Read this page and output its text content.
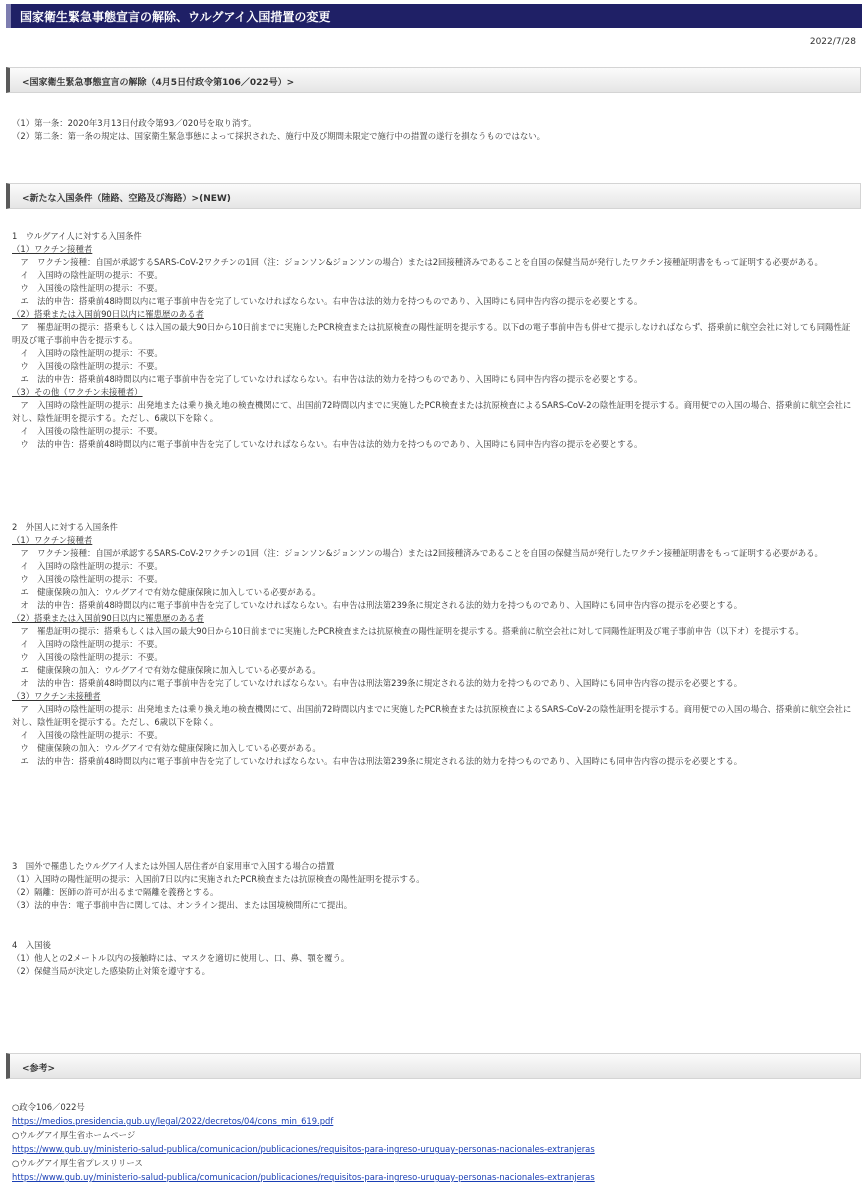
国家衛生緊急事態宣言の解除、ウルグアイ入国措置の変更
2022/7/28
<国家衛生緊急事態宣言の解除（4月5日付政令第106／022号）>
（1）第一条：2020年3月13日付政令第93／020号を取り消す。
（2）第二条：第一条の規定は、国家衛生緊急事態によって採択された、施行中及び期間未限定で施行中の措置の遂行を損なうものではない。
<新たな入国条件（陸路、空路及び海路）>(NEW)
1　ウルグアイ人に対する入国条件
（1）ワクチン接種者
　ア　ワクチン接種：自国が承認するSARS-CoV-2ワクチンの1回（注：ジョンソン&ジョンソンの場合）または2回接種済みであることを自国の保健当局が発行したワクチン接種証明書をもって証明する必要がある。
　イ　入国時の陰性証明の提示：不要。
　ウ　入国後の陰性証明の提示：不要。
　エ　法的申告：搭乗前48時間以内に電子事前申告を完了していなければならない。右申告は法的効力を持つものであり、入国時にも同申告内容の提示を必要とする。
（2）搭乗または入国前90日以内に罹患歴のある者
　ア　罹患証明の提示：搭乗もしくは入国の最大90日から10日前までに実施したPCR検査または抗原検査の陽性証明を提示する。以下dの電子事前申告も併せて提示しなければならず、搭乗前に航空会社に対しても同陽性証明及び電子事前申告を提示する。
　イ　入国時の陰性証明の提示：不要。
　ウ　入国後の陰性証明の提示：不要。
　エ　法的申告：搭乗前48時間以内に電子事前申告を完了していなければならない。右申告は法的効力を持つものであり、入国時にも同申告内容の提示を必要とする。
（3）その他（ワクチン未接種者）
　ア　入国時の陰性証明の提示：出発地または乗り換え地の検査機関にて、出国前72時間以内までに実施したPCR検査または抗原検査によるSARS-CoV-2の陰性証明を提示する。商用便での入国の場合、搭乗前に航空会社に対し、陰性証明を提示する。ただし、6歳以下を除く。
　イ　入国後の陰性証明の提示：不要。
　ウ　法的申告：搭乗前48時間以内に電子事前申告を完了していなければならない。右申告は法的効力を持つものであり、入国時にも同申告内容の提示を必要とする。
2　外国人に対する入国条件
（1）ワクチン接種者
　ア　ワクチン接種：自国が承認するSARS-CoV-2ワクチンの1回（注：ジョンソン&ジョンソンの場合）または2回接種済みであることを自国の保健当局が発行したワクチン接種証明書をもって証明する必要がある。
　イ　入国時の陰性証明の提示：不要。
　ウ　入国後の陰性証明の提示：不要。
　エ　健康保険の加入：ウルグアイで有効な健康保険に加入している必要がある。
　オ　法的申告：搭乗前48時間以内に電子事前申告を完了していなければならない。右申告は刑法第239条に規定される法的効力を持つものであり、入国時にも同申告内容の提示を必要とする。
（2）搭乗または入国前90日以内に罹患歴のある者
　ア　罹患証明の提示：搭乗もしくは入国の最大90日から10日前までに実施したPCR検査または抗原検査の陽性証明を提示する。搭乗前に航空会社に対して同陽性証明及び電子事前申告（以下オ）を提示する。
　イ　入国時の陰性証明の提示：不要。
　ウ　入国後の陰性証明の提示：不要。
　エ　健康保険の加入：ウルグアイで有効な健康保険に加入している必要がある。
　オ　法的申告：搭乗前48時間以内に電子事前申告を完了していなければならない。右申告は刑法第239条に規定される法的効力を持つものであり、入国時にも同申告内容の提示を必要とする。
（3）ワクチン未接種者
　ア　入国時の陰性証明の提示：出発地または乗り換え地の検査機関にて、出国前72時間以内までに実施したPCR検査または抗原検査によるSARS-CoV-2の陰性証明を提示する。商用便での入国の場合、搭乗前に航空会社に対し、陰性証明を提示する。ただし、6歳以下を除く。
　イ　入国後の陰性証明の提示：不要。
　ウ　健康保険の加入：ウルグアイで有効な健康保険に加入している必要がある。
　エ　法的申告：搭乗前48時間以内に電子事前申告を完了していなければならない。右申告は刑法第239条に規定される法的効力を持つものであり、入国時にも同申告内容の提示を必要とする。
3　国外で罹患したウルグアイ人または外国人居住者が自家用車で入国する場合の措置
（1）入国時の陽性証明の提示：入国前7日以内に実施されたPCR検査または抗原検査の陽性証明を提示する。
（2）隔離：医師の許可が出るまで隔離を義務とする。
（3）法的申告：電子事前申告に関しては、オンライン提出、または国境検問所にて提出。
4　入国後
（1）他人との2メートル以内の接触時には、マスクを適切に使用し、口、鼻、顎を覆う。
（2）保健当局が決定した感染防止対策を遵守する。
<参考>
○政令106／022号
https://medios.presidencia.gub.uy/legal/2022/decretos/04/cons_min_619.pdf
○ウルグアイ厚生省ホームページ
https://www.gub.uy/ministerio-salud-publica/comunicacion/publicaciones/requisitos-para-ingreso-uruguay-personas-nacionales-extranjeras
○ウルグアイ厚生省プレスリリース
https://www.gub.uy/ministerio-salud-publica/comunicacion/publicaciones/requisitos-para-ingreso-uruguay-personas-nacionales-extranjeras
